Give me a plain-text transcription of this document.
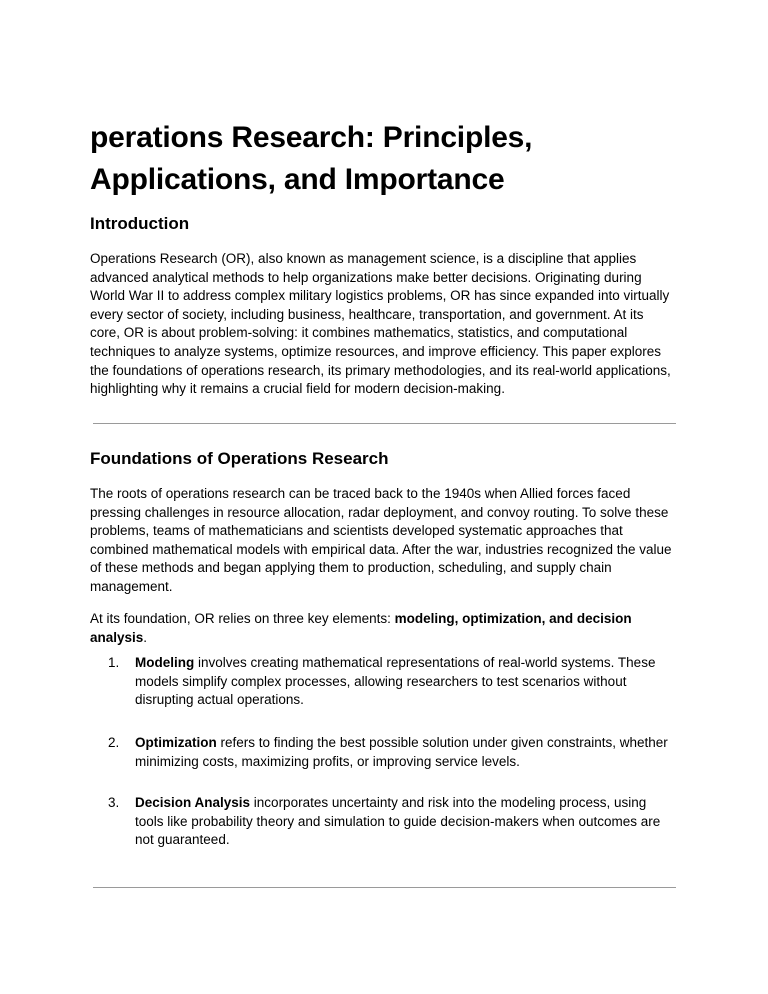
perations Research: Principles, Applications, and Importance
Introduction

Operations Research (OR), also known as management science, is a discipline that applies advanced analytical methods to help organizations make better decisions. Originating during World War II to address complex military logistics problems, OR has since expanded into virtually every sector of society, including business, healthcare, transportation, and government. At its core, OR is about problem-solving: it combines mathematics, statistics, and computational techniques to analyze systems, optimize resources, and improve efficiency. This paper explores the foundations of operations research, its primary methodologies, and its real-world applications, highlighting why it remains a crucial field for modern decision-making.

Foundations of Operations Research

The roots of operations research can be traced back to the 1940s when Allied forces faced pressing challenges in resource allocation, radar deployment, and convoy routing. To solve these problems, teams of mathematicians and scientists developed systematic approaches that combined mathematical models with empirical data. After the war, industries recognized the value of these methods and began applying them to production, scheduling, and supply chain management.

At its foundation, OR relies on three key elements: modeling, optimization, and decision analysis.

1. Modeling involves creating mathematical representations of real-world systems. These models simplify complex processes, allowing researchers to test scenarios without disrupting actual operations.
2. Optimization refers to finding the best possible solution under given constraints, whether minimizing costs, maximizing profits, or improving service levels.
3. Decision Analysis incorporates uncertainty and risk into the modeling process, using tools like probability theory and simulation to guide decision-makers when outcomes are not guaranteed.
